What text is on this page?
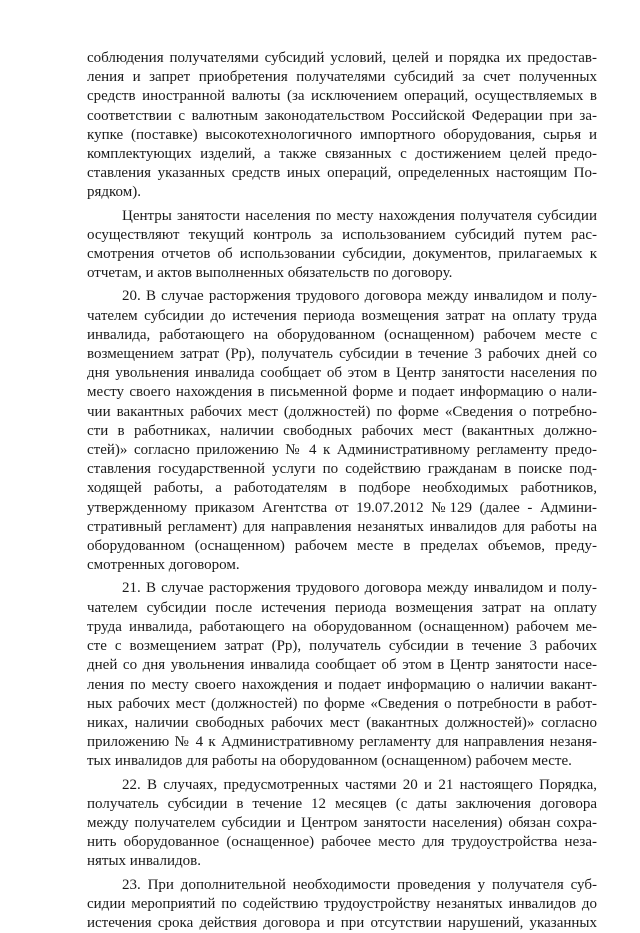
соблюдения получателями субсидий условий, целей и порядка их предостав-
ления и запрет приобретения получателями субсидий за счет полученных
средств иностранной валюты (за исключением операций, осуществляемых в
соответствии с валютным законодательством Российской Федерации при за-
купке (поставке) высокотехнологичного импортного оборудования, сырья и
комплектующих изделий, а также связанных с достижением целей предо-
ставления указанных средств иных операций, определенных настоящим По-
рядком).
Центры занятости населения по месту нахождения получателя субсидии
осуществляют текущий контроль за использованием субсидий путем рас-
смотрения отчетов об использовании субсидии, документов, прилагаемых к
отчетам, и актов выполненных обязательств по договору.
20. В случае расторжения трудового договора между инвалидом и полу-
чателем субсидии до истечения периода возмещения затрат на оплату труда
инвалида, работающего на оборудованном (оснащенном) рабочем месте с
возмещением затрат (Рр), получатель субсидии в течение 3 рабочих дней со
дня увольнения инвалида сообщает об этом в Центр занятости населения по
месту своего нахождения в письменной форме и подает информацию о нали-
чии вакантных рабочих мест (должностей) по форме «Сведения о потребно-
сти в работниках, наличии свободных рабочих мест (вакантных должно-
стей)» согласно приложению № 4 к Административному регламенту предо-
ставления государственной услуги по содействию гражданам в поиске под-
ходящей работы, а работодателям в подборе необходимых работников,
утвержденному приказом Агентства от 19.07.2012 №129 (далее - Админи-
стративный регламент) для направления незанятых инвалидов для работы на
оборудованном (оснащенном) рабочем месте в пределах объемов, преду-
смотренных договором.
21. В случае расторжения трудового договора между инвалидом и полу-
чателем субсидии после истечения периода возмещения затрат на оплату
труда инвалида, работающего на оборудованном (оснащенном) рабочем ме-
сте с возмещением затрат (Рр), получатель субсидии в течение 3 рабочих
дней со дня увольнения инвалида сообщает об этом в Центр занятости насе-
ления по месту своего нахождения и подает информацию о наличии вакант-
ных рабочих мест (должностей) по форме «Сведения о потребности в работ-
никах, наличии свободных рабочих мест (вакантных должностей)» согласно
приложению № 4 к Административному регламенту для направления незаня-
тых инвалидов для работы на оборудованном (оснащенном) рабочем месте.
22. В случаях, предусмотренных частями 20 и 21 настоящего Порядка,
получатель субсидии в течение 12 месяцев (с даты заключения договора
между получателем субсидии и Центром занятости населения) обязан сохра-
нить оборудованное (оснащенное) рабочее место для трудоустройства неза-
нятых инвалидов.
23. При дополнительной необходимости проведения у получателя суб-
сидии мероприятий по содействию трудоустройству незанятых инвалидов до
истечения срока действия договора и при отсутствии нарушений, указанных
